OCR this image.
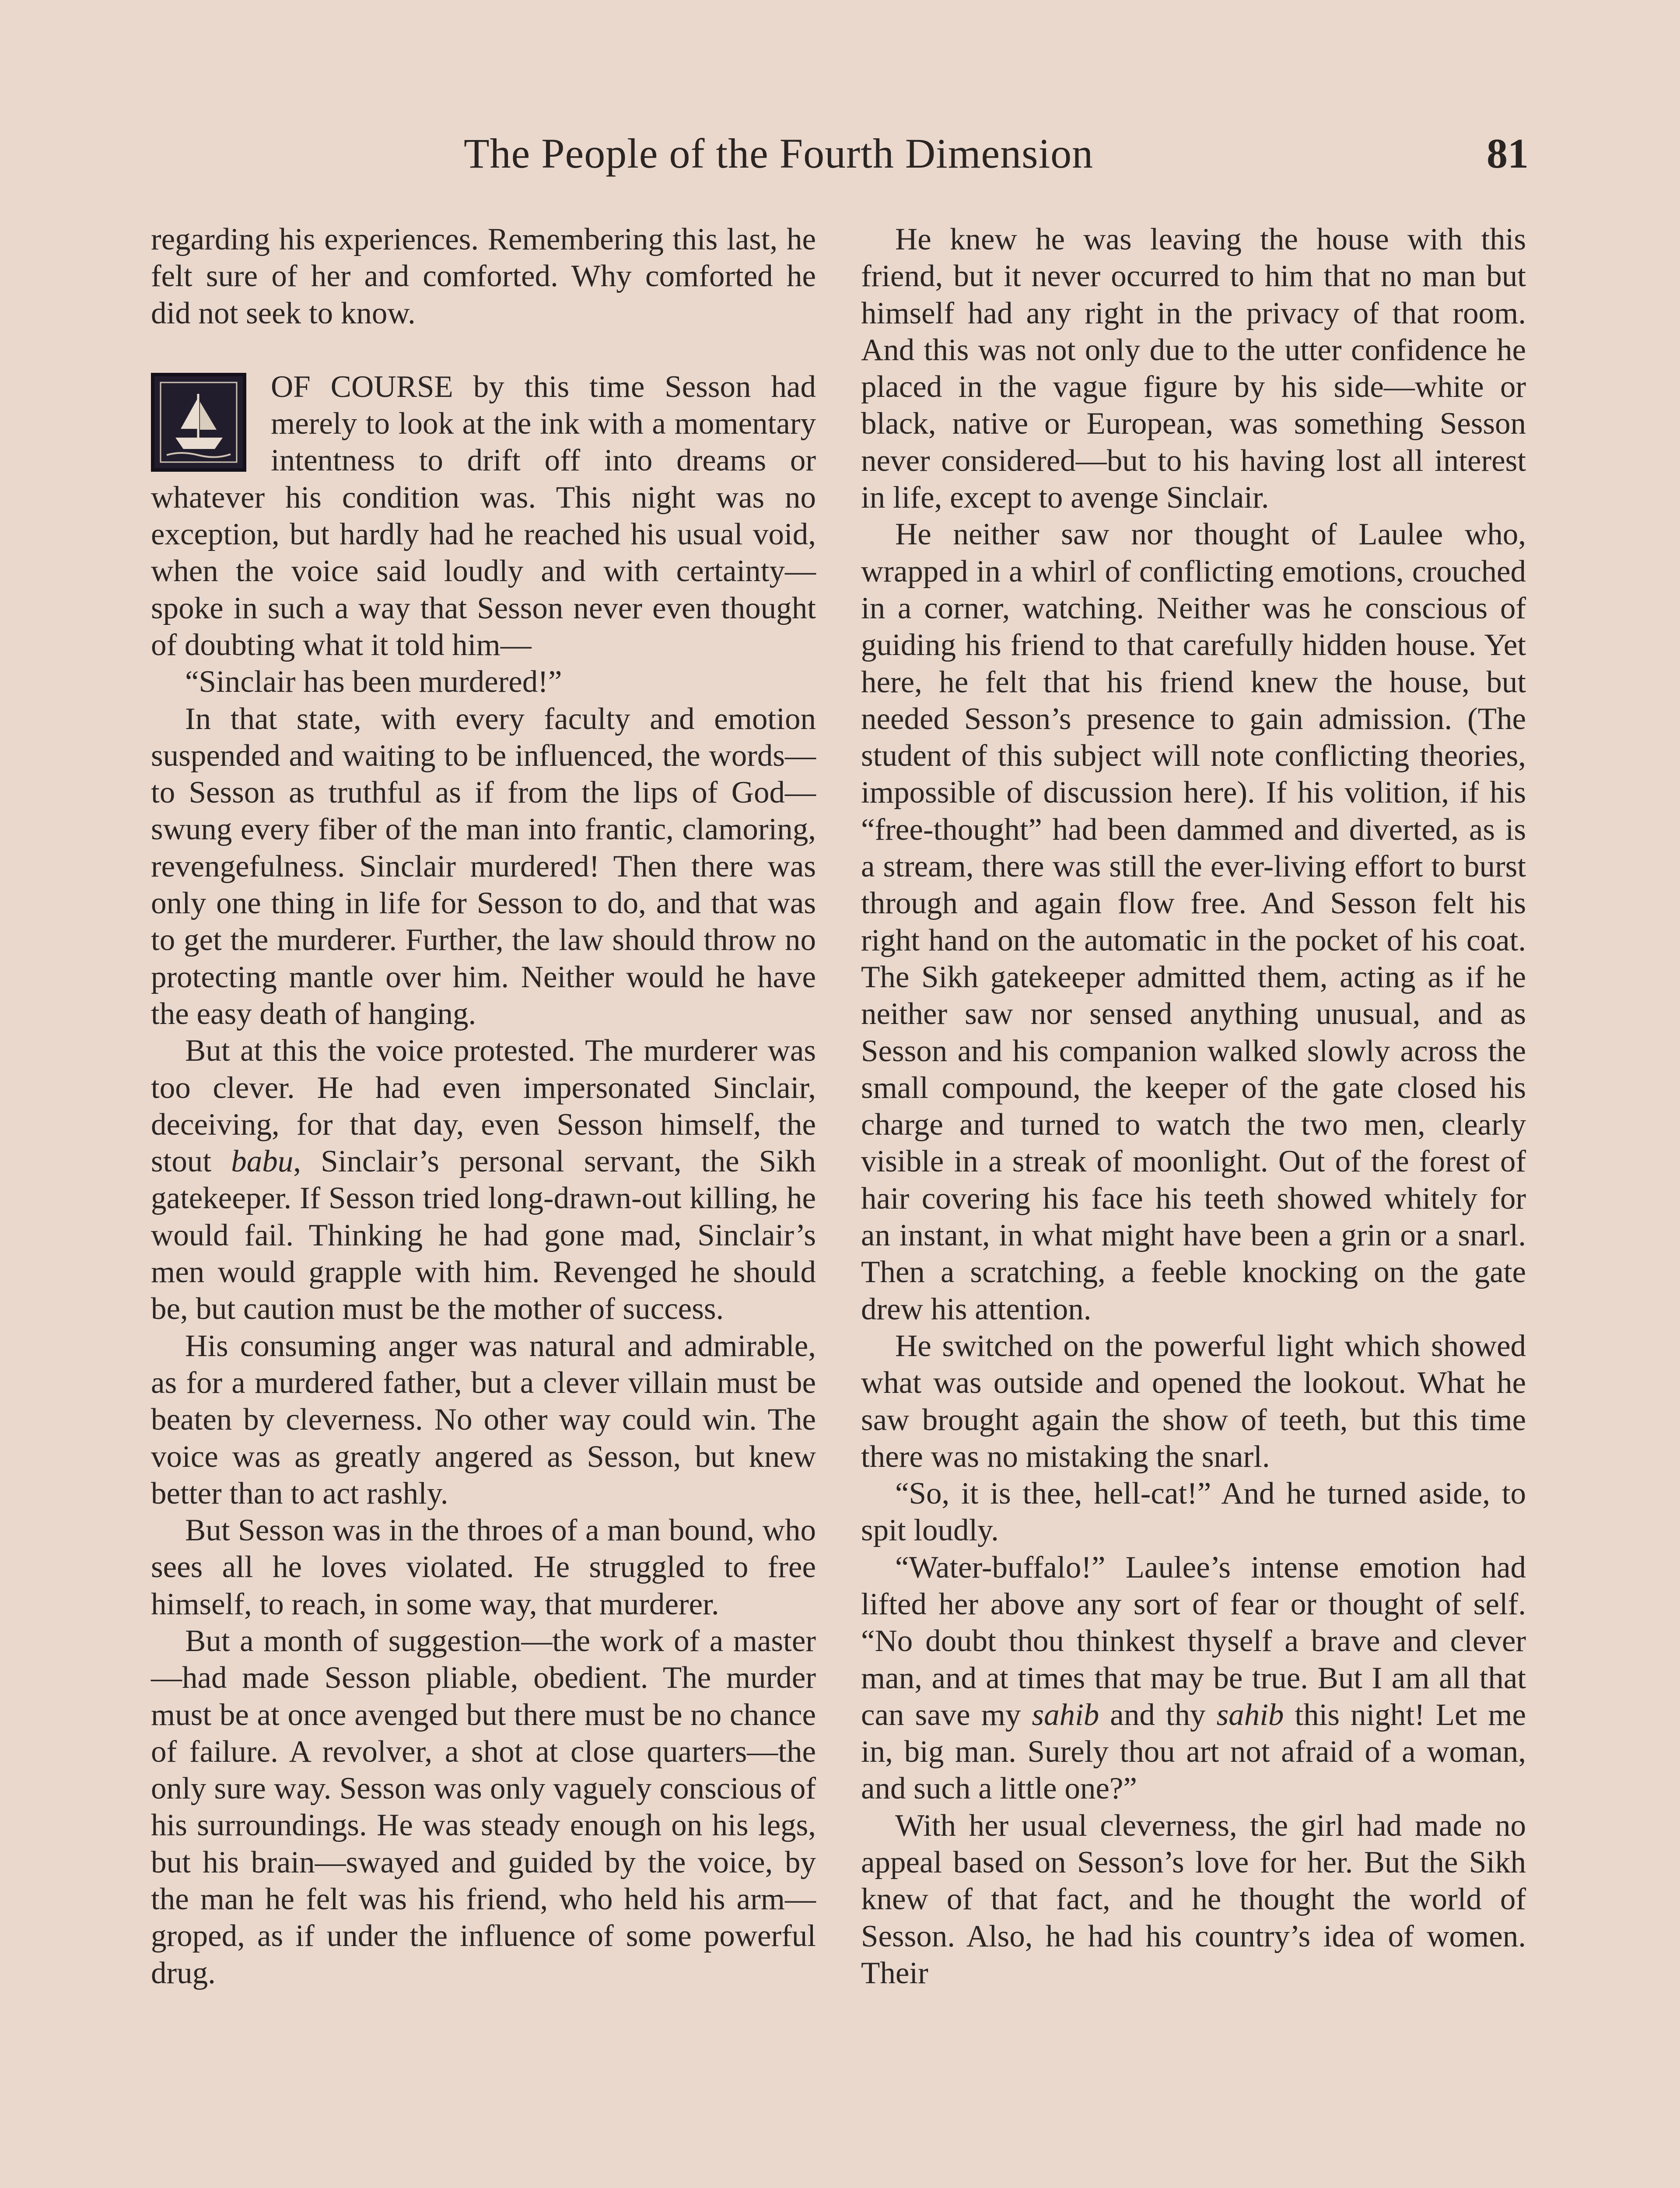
The People of the Fourth Dimension	81

regarding his experiences. Remembering this last, he felt sure of her and comforted. Why comforted he did not seek to know.

OF COURSE by this time Sesson had merely to look at the ink with a momentary intentness to drift off into dreams or whatever his condition was. This night was no exception, but hardly had he reached his usual void, when the voice said loudly and with certainty—spoke in such a way that Sesson never even thought of doubting what it told him—

“Sinclair has been murdered!”

In that state, with every faculty and emotion suspended and waiting to be influenced, the words—to Sesson as truthful as if from the lips of God—swung every fiber of the man into frantic, clamoring, revengefulness. Sinclair murdered! Then there was only one thing in life for Sesson to do, and that was to get the murderer. Further, the law should throw no protecting mantle over him. Neither would he have the easy death of hanging.

But at this the voice protested. The murderer was too clever. He had even impersonated Sinclair, deceiving, for that day, even Sesson himself, the stout babu, Sinclair’s personal servant, the Sikh gatekeeper. If Sesson tried long-drawn-out killing, he would fail. Thinking he had gone mad, Sinclair’s men would grapple with him. Revenged he should be, but caution must be the mother of success.

His consuming anger was natural and admirable, as for a murdered father, but a clever villain must be beaten by cleverness. No other way could win. The voice was as greatly angered as Sesson, but knew better than to act rashly.

But Sesson was in the throes of a man bound, who sees all he loves violated. He struggled to free himself, to reach, in some way, that murderer.

But a month of suggestion—the work of a master—had made Sesson pliable, obedient. The murder must be at once avenged but there must be no chance of failure. A revolver, a shot at close quarters—the only sure way. Sesson was only vaguely conscious of his surroundings. He was steady enough on his legs, but his brain—swayed and guided by the voice, by the man he felt was his friend, who held his arm—groped, as if under the influence of some powerful drug.

He knew he was leaving the house with this friend, but it never occurred to him that no man but himself had any right in the privacy of that room. And this was not only due to the utter confidence he placed in the vague figure by his side—white or black, native or European, was something Sesson never considered—but to his having lost all interest in life, except to avenge Sinclair.

He neither saw nor thought of Laulee who, wrapped in a whirl of conflicting emotions, crouched in a corner, watching. Neither was he conscious of guiding his friend to that carefully hidden house. Yet here, he felt that his friend knew the house, but needed Sesson’s presence to gain admission. (The student of this subject will note conflicting theories, impossible of discussion here). If his volition, if his “free-thought” had been dammed and diverted, as is a stream, there was still the ever-living effort to burst through and again flow free. And Sesson felt his right hand on the automatic in the pocket of his coat. The Sikh gatekeeper admitted them, acting as if he neither saw nor sensed anything unusual, and as Sesson and his companion walked slowly across the small compound, the keeper of the gate closed his charge and turned to watch the two men, clearly visible in a streak of moonlight. Out of the forest of hair covering his face his teeth showed whitely for an instant, in what might have been a grin or a snarl. Then a scratching, a feeble knocking on the gate drew his attention.

He switched on the powerful light which showed what was outside and opened the lookout. What he saw brought again the show of teeth, but this time there was no mistaking the snarl.

“So, it is thee, hell-cat!” And he turned aside, to spit loudly.

“Water-buffalo!” Laulee’s intense emotion had lifted her above any sort of fear or thought of self. “No doubt thou thinkest thyself a brave and clever man, and at times that may be true. But I am all that can save my sahib and thy sahib this night! Let me in, big man. Surely thou art not afraid of a woman, and such a little one?”

With her usual cleverness, the girl had made no appeal based on Sesson’s love for her. But the Sikh knew of that fact, and he thought the world of Sesson. Also, he had his country’s idea of women. Their
